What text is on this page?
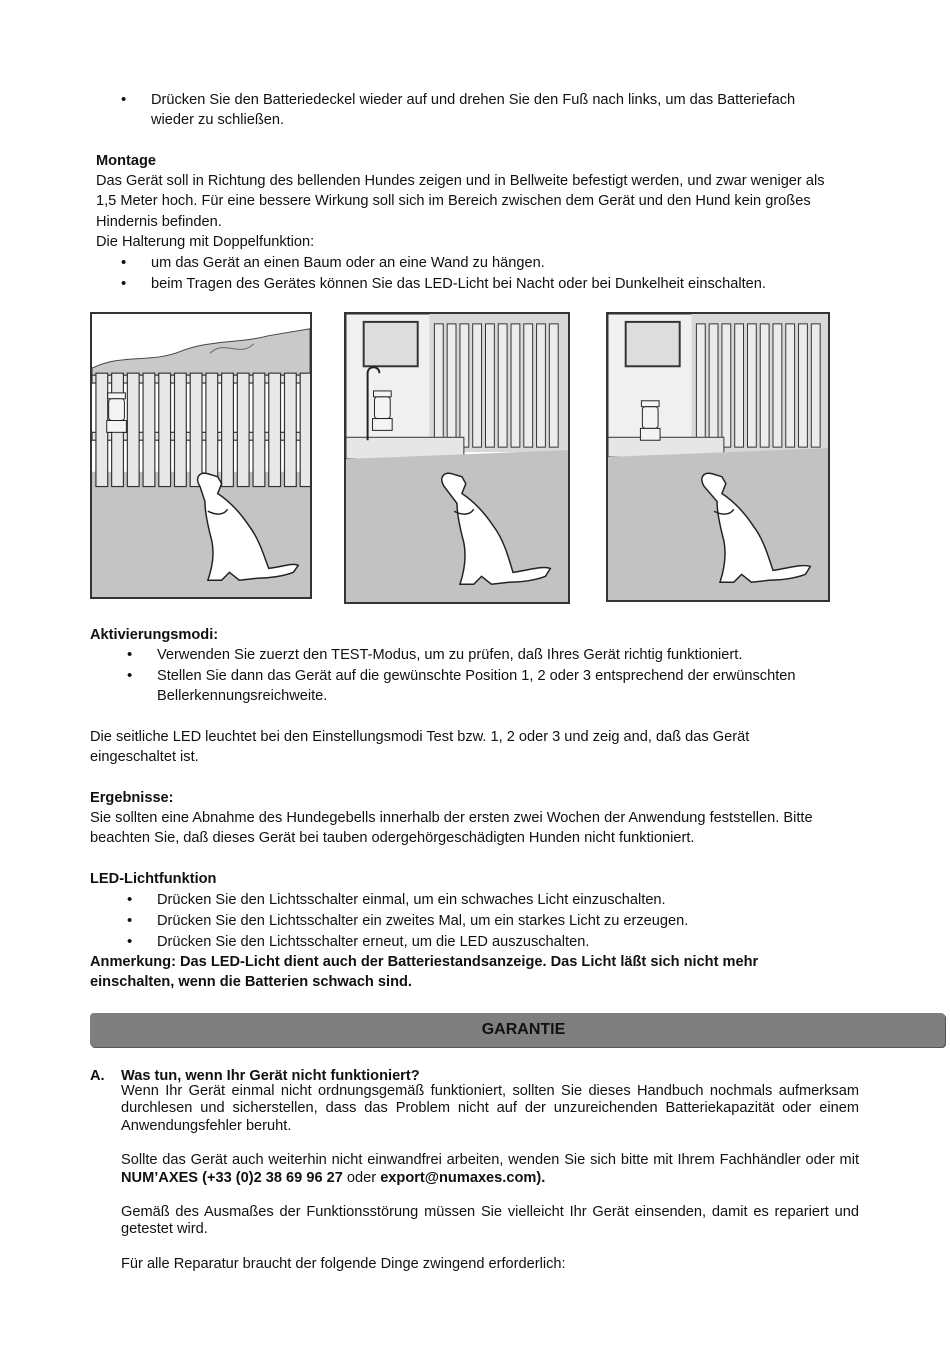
• Drücken Sie den Batteriedeckel wieder auf und drehen Sie den Fuß nach links, um das Batteriefach
wieder zu schließen.

Montage

Das Gerät soll in Richtung des bellenden Hundes zeigen und in Bellweite befestigt werden, und zwar weniger als
1,5 Meter hoch. Für eine bessere Wirkung soll sich im Bereich zwischen dem Gerät und den Hund kein großes
Hindernis befinden.
Die Halterung mit Doppelfunktion:

• um das Gerät an einen Baum oder an eine Wand zu hängen.
• beim Tragen des Gerätes können Sie das LED-Licht bei Nacht oder bei Dunkelheit einschalten.

Aktivierungsmodi:

• Verwenden Sie zuerzt den TEST-Modus, um zu prüfen, daß Ihres Gerät richtig funktioniert.
• Stellen Sie dann das Gerät auf die gewünschte Position 1, 2 oder 3 entsprechend der erwünschten
Bellerkennungsreichweite.

Die seitliche LED leuchtet bei den Einstellungsmodi Test bzw. 1, 2 oder 3 und zeig and, daß das Gerät
eingeschaltet ist.

Ergebnisse:

Sie sollten eine Abnahme des Hundegebells innerhalb der ersten zwei Wochen der Anwendung feststellen. Bitte
beachten Sie, daß dieses Gerät bei tauben odergehörgeschädigten Hunden nicht funktioniert.

LED-Lichtfunktion

• Drücken Sie den Lichtsschalter einmal, um ein schwaches Licht einzuschalten.
• Drücken Sie den Lichtsschalter ein zweites Mal, um ein starkes Licht zu erzeugen.
• Drücken Sie den Lichtsschalter erneut, um die LED auszuschalten.

Anmerkung: Das LED-Licht dient auch der Batteriestandsanzeige. Das Licht läßt sich nicht mehr
einschalten, wenn die Batterien schwach sind.

GARANTIE

A. Was tun, wenn Ihr Gerät nicht funktioniert?

Wenn Ihr Gerät einmal nicht ordnungsgemäß funktioniert, sollten Sie dieses Handbuch nochmals aufmerksam durchlesen und sicherstellen, dass das Problem nicht auf der unzureichenden Batteriekapazität oder einem Anwendungsfehler beruht.

Sollte das Gerät auch weiterhin nicht einwandfrei arbeiten, wenden Sie sich bitte mit Ihrem Fachhändler oder mit NUM’AXES (+33 (0)2 38 69 96 27 oder export@numaxes.com).

Gemäß des Ausmaßes der Funktionsstörung müssen Sie vielleicht Ihr Gerät einsenden, damit es repariert und getestet wird.

Für alle Reparatur braucht der folgende Dinge zwingend erforderlich:
